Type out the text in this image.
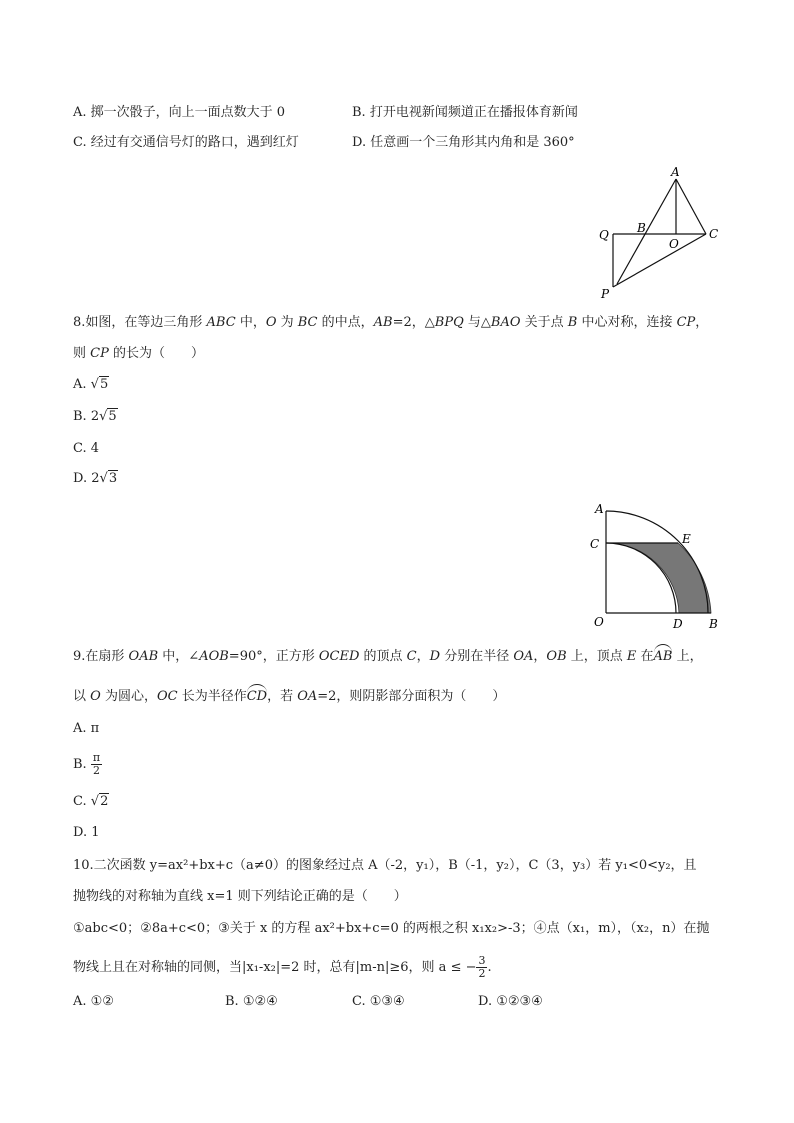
A. 掷一次骰子，向上一面点数大于 0	B. 打开电视新闻频道正在播报体育新闻
C. 经过有交通信号灯的路口，遇到红灯	D. 任意画一个三角形其内角和是 360°
A
B	C
O
P
Q
8.如图，在等边三角形 ABC 中，O 为 BC 的中点，AB=2，△BPQ 与△BAO 关于点 B 中心对称，连接 CP，
则 CP 的长为（　　）
A. √5
B. 2√5
C. 4
D. 2√3
A
C	E
O	D B
9.在扇形 OAB 中，∠AOB=90°，正方形 OCED 的顶点 C，D 分别在半径 OA，OB 上，顶点 E 在AB 上，
以 O 为圆心，OC 长为半径作CD，若 OA=2，则阴影部分面积为（　　）
A. π
B. $\frac{\pi}{2}$
C. √2
D. 1
10.二次函数 y=ax²+bx+c（a≠0）的图象经过点 A（-2，y₁），B（-1，y₂），C（3，y₃）若 y₁<0<y₂，且
抛物线的对称轴为直线 x=1 则下列结论正确的是（　　）
①abc<0；②8a+c<0；③关于 x 的方程 ax²+bx+c=0 的两根之积 x₁x₂>-3；④点（x₁，m），（x₂，n）在抛
物线上且在对称轴的同侧，当|x₁-x₂|=2 时，总有|m-n|≥6，则 a ≤ − $\frac{3}{2}$ .
A. ①②	B. ①②④	C. ①③④	D. ①②③④
